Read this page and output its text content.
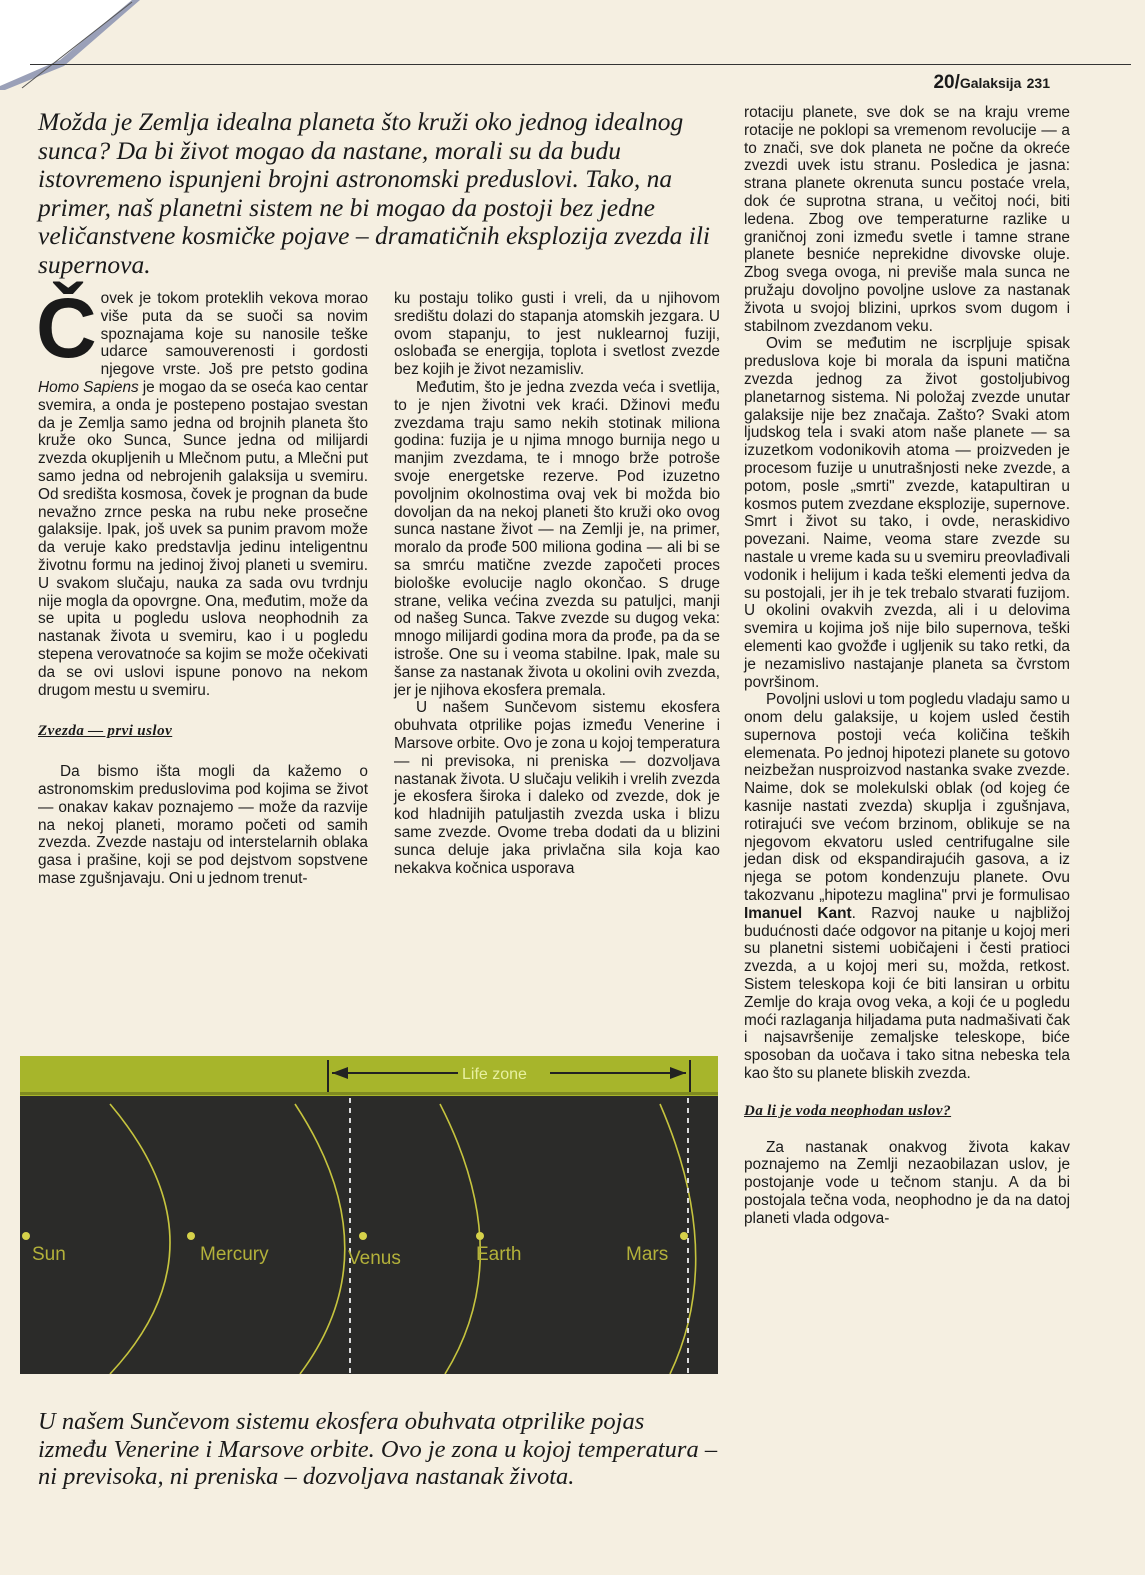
20/Galaksija 231

Možda je Zemlja idealna planeta što kruži oko jednog idealnog sunca? Da bi život mogao da nastane, morali su da budu istovremeno ispunjeni brojni astronomski preduslovi. Tako, na primer, naš planetni sistem ne bi mogao da postoji bez jedne veličanstvene kosmičke pojave – dramatičnih eksplozija zvezda ili supernova.

Čovek je tokom proteklih vekova morao više puta da se suoči sa novim spoznajama koje su nanosile teške udarce samouverenosti i gordosti njegove vrste. Još pre petsto godina Homo Sapiens je mogao da se oseća kao centar svemira, a onda je postepeno postajao svestan da je Zemlja samo jedna od brojnih planeta što kruže oko Sunca, Sunce jedna od milijardi zvezda okupljenih u Mlečnom putu, a Mlečni put samo jedna od nebrojenih galaksija u svemiru. Od središta kosmosa, čovek je prognan da bude nevažno zrnce peska na rubu neke prosečne galaksije. Ipak, još uvek sa punim pravom može da veruje kako predstavlja jedinu inteligentnu životnu formu na jedinoj živoj planeti u svemiru. U svakom slučaju, nauka za sada ovu tvrdnju nije mogla da opovrgne. Ona, međutim, može da se upita u pogledu uslova neophodnih za nastanak života u svemiru, kao i u pogledu stepena verovatnoće sa kojim se može očekivati da se ovi uslovi ispune ponovo na nekom drugom mestu u svemiru.

Zvezda — prvi uslov

Da bismo išta mogli da kažemo o astronomskim preduslovima pod kojima se život — onakav kakav poznajemo — može da razvije na nekoj planeti, moramo početi od samih zvezda. Zvezde nastaju od interstelarnih oblaka gasa i prašine, koji se pod dejstvom sopstvene mase zgušnjavaju. Oni u jednom trenut-

ku postaju toliko gusti i vreli, da u njihovom središtu dolazi do stapanja atomskih jezgara. U ovom stapanju, to jest nuklearnoj fuziji, oslobađa se energija, toplota i svetlost zvezde bez kojih je život nezamisliv.

Međutim, što je jedna zvezda veća i svetlija, to je njen životni vek kraći. Džinovi među zvezdama traju samo nekih stotinak miliona godina: fuzija je u njima mnogo burnija nego u manjim zvezdama, te i mnogo brže potroše svoje energetske rezerve. Pod izuzetno povoljnim okolnostima ovaj vek bi možda bio dovoljan da na nekoj planeti što kruži oko ovog sunca nastane život — na Zemlji je, na primer, moralo da prođe 500 miliona godina — ali bi se sa smrću matične zvezde započeti proces biološke evolucije naglo okončao. S druge strane, velika većina zvezda su patuljci, manji od našeg Sunca. Takve zvezde su dugog veka: mnogo milijardi godina mora da prođe, pa da se istroše. One su i veoma stabilne. Ipak, male su šanse za nastanak života u okolini ovih zvezda, jer je njihova ekosfera premala.

U našem Sunčevom sistemu ekosfera obuhvata otprilike pojas između Venerine i Marsove orbite. Ovo je zona u kojoj temperatura — ni previsoka, ni preniska — dozvoljava nastanak života. U slučaju velikih i vrelih zvezda je ekosfera široka i daleko od zvezde, dok je kod hladnijih patuljastih zvezda uska i blizu same zvezde. Ovome treba dodati da u blizini sunca deluje jaka privlačna sila koja kao nekakva kočnica usporava

rotaciju planete, sve dok se na kraju vreme rotacije ne poklopi sa vremenom revolucije — a to znači, sve dok planeta ne počne da okreće zvezdi uvek istu stranu. Posledica je jasna: strana planete okrenuta suncu postaće vrela, dok će suprotna strana, u večitoj noći, biti ledena. Zbog ove temperaturne razlike u graničnoj zoni između svetle i tamne strane planete besniće neprekidne divovske oluje. Zbog svega ovoga, ni previše mala sunca ne pružaju dovoljno povoljne uslove za nastanak života u svojoj blizini, uprkos svom dugom i stabilnom zvezdanom veku.

Ovim se međutim ne iscrpljuje spisak preduslova koje bi morala da ispuni matična zvezda jednog za život gostoljubivog planetarnog sistema. Ni položaj zvezde unutar galaksije nije bez značaja. Zašto? Svaki atom ljudskog tela i svaki atom naše planete — sa izuzetkom vodonikovih atoma — proizveden je procesom fuzije u unutrašnjosti neke zvezde, a potom, posle „smrti" zvezde, katapultiran u kosmos putem zvezdane eksplozije, supernove. Smrt i život su tako, i ovde, neraskidivo povezani. Naime, veoma stare zvezde su nastale u vreme kada su u svemiru preovlađivali vodonik i helijum i kada teški elementi jedva da su postojali, jer ih je tek trebalo stvarati fuzijom. U okolini ovakvih zvezda, ali i u delovima svemira u kojima još nije bilo supernova, teški elementi kao gvožđe i ugljenik su tako retki, da je nezamislivo nastajanje planeta sa čvrstom površinom.

Povoljni uslovi u tom pogledu vladaju samo u onom delu galaksije, u kojem usled čestih supernova postoji veća količina teških elemenata. Po jednoj hipotezi planete su gotovo neizbežan nusproizvod nastanka svake zvezde. Naime, dok se molekulski oblak (od kojeg će kasnije nastati zvezda) skuplja i zgušnjava, rotirajući sve većom brzinom, oblikuje se na njegovom ekvatoru usled centrifugalne sile jedan disk od ekspandirajućih gasova, a iz njega se potom kondenzuju planete. Ovu takozvanu „hipotezu maglina" prvi je formulisao Imanuel Kant. Razvoj nauke u najbližoj budućnosti daće odgovor na pitanje u kojoj meri su planetni sistemi uobičajeni i česti pratioci zvezda, a u kojoj meri su, možda, retkost. Sistem teleskopa koji će biti lansiran u orbitu Zemlje do kraja ovog veka, a koji će u pogledu moći razlaganja hiljadama puta nadmašivati čak i najsavršenije zemaljske teleskope, biće sposoban da uočava i tako sitna nebeska tela kao što su planete bliskih zvezda.

Da li je voda neophodan uslov?

Za nastanak onakvog života kakav poznajemo na Zemlji nezaobilazan uslov, je postojanje vode u tečnom stanju. A da bi postojala tečna voda, neophodno je da na datoj planeti vlada odgova-

Life zone
Sun	Mercury	Venus	Earth	Mars

U našem Sunčevom sistemu ekosfera obuhvata otprilike pojas između Venerine i Marsove orbite. Ovo je zona u kojoj temperatura – ni previsoka, ni preniska – dozvoljava nastanak života.
